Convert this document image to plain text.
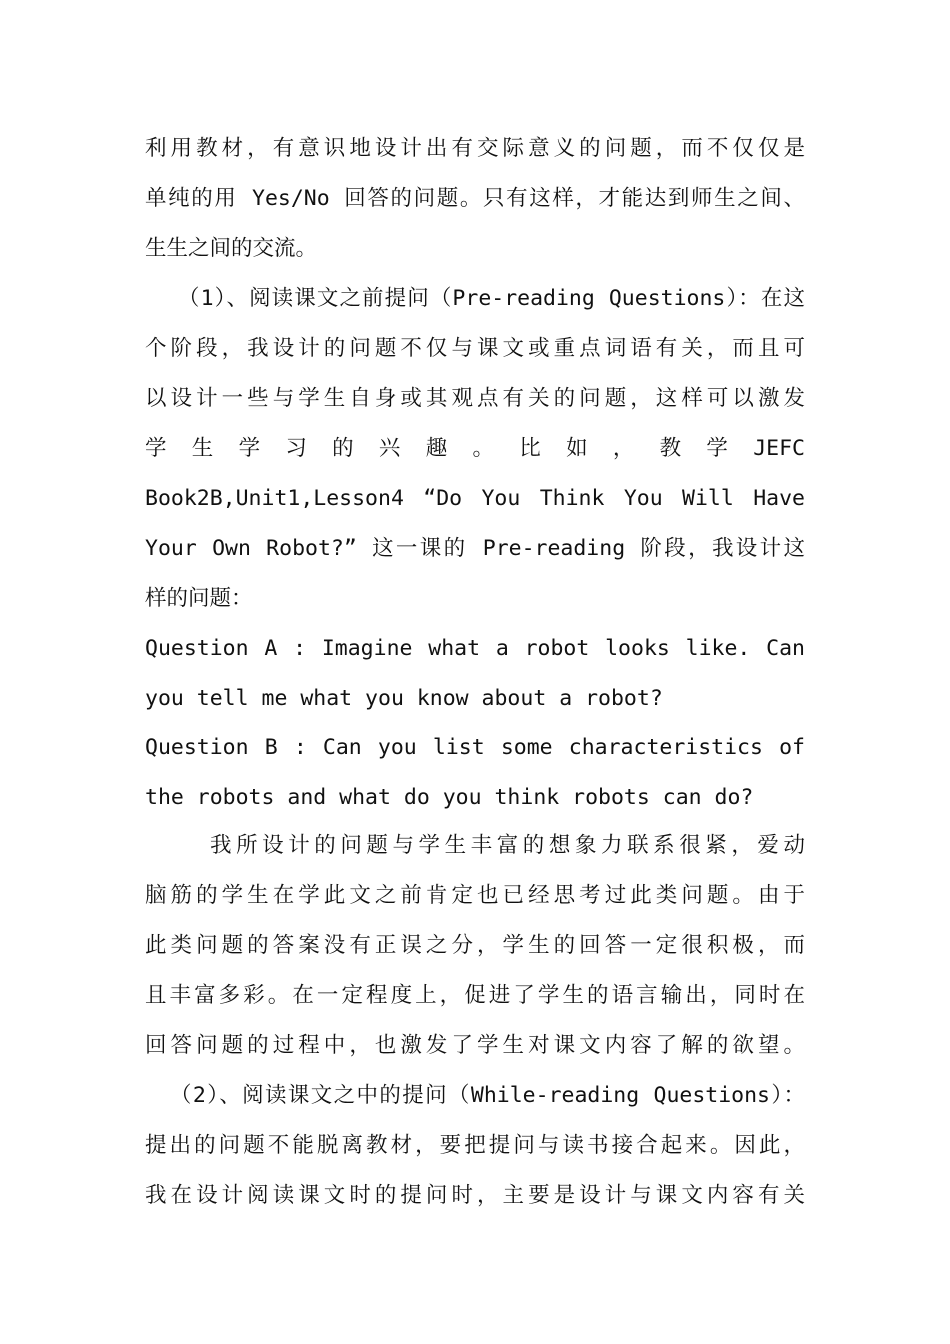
利用教材，有意识地设计出有交际意义的问题，而不仅仅是
单纯的用 Yes/No 回答的问题。只有这样，才能达到师生之间、
生生之间的交流。
（1）、阅读课文之前提问（Pre-reading Questions）：在这
个阶段，我设计的问题不仅与课文或重点词语有关，而且可
以设计一些与学生自身或其观点有关的问题，这样可以激发
学 生 学 习 的 兴 趣 。 比 如 ， 教 学 JEFC
Book2B,Unit1,Lesson4 “Do You Think You Will Have
Your Own Robot?” 这一课的 Pre-reading 阶段，我设计这
样的问题：
Question A : Imagine what a robot looks like. Can
you tell me what you know about a robot?
Question B : Can you list some characteristics of
the robots and what do you think robots can do?
我所设计的问题与学生丰富的想象力联系很紧，爱动
脑筋的学生在学此文之前肯定也已经思考过此类问题。由于
此类问题的答案没有正误之分，学生的回答一定很积极，而
且丰富多彩。在一定程度上，促进了学生的语言输出，同时在
回答问题的过程中，也激发了学生对课文内容了解的欲望。
（2）、阅读课文之中的提问（While-reading Questions）：
提出的问题不能脱离教材，要把提问与读书接合起来。因此，
我在设计阅读课文时的提问时，主要是设计与课文内容有关
